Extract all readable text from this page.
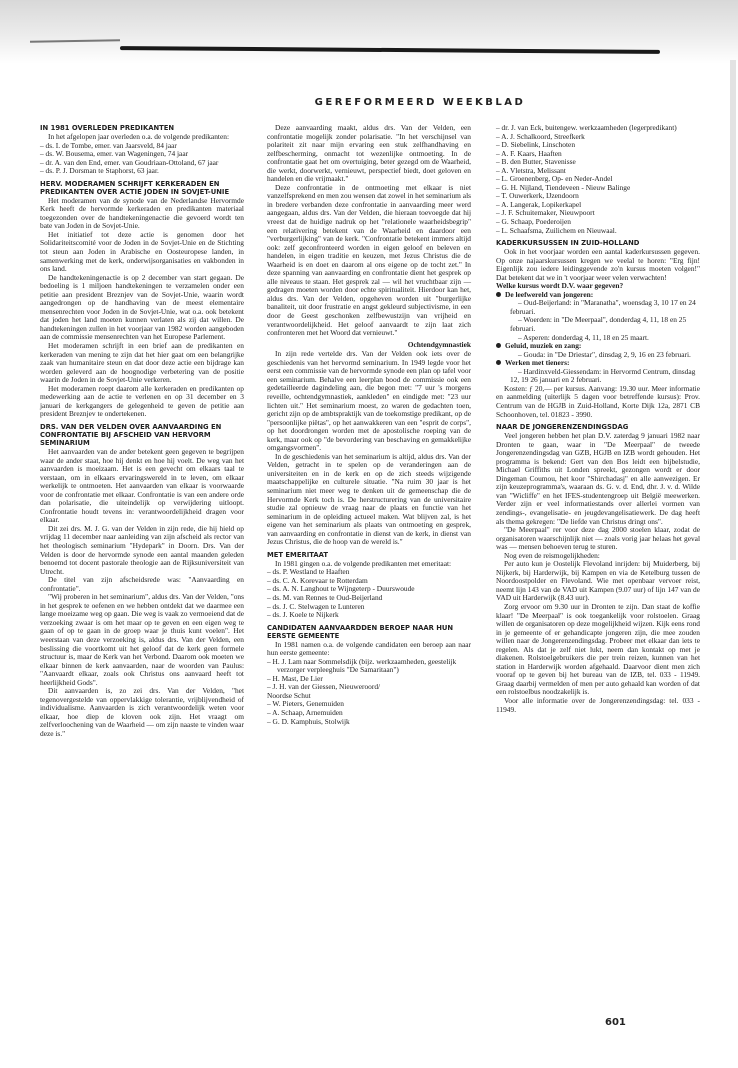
GEREFORMEERD WEEKBLAD
IN 1981 OVERLEDEN PREDIKANTEN

In het afgelopen jaar overleden o.a. de volgende predikanten:

– ds. I. de Tombe, emer. van Jaarsveld, 84 jaar
– ds. W. Bousema, emer. van Wageningen, 74 jaar
– dr. A. van den End, emer. van Goudriaan-Ottoland, 67 jaar
– ds. P. J. Dorsman te Staphorst, 63 jaar.
HERV. MODERAMEN SCHRIJFT KERKERADEN EN PREDIKANTEN OVER ACTIE JODEN IN SOVJET-UNIE

Het moderamen van de synode van de Nederlandse Hervormde Kerk heeft de hervormde kerkeraden en predikanten materiaal toegezonden over de handtekeningenactie die gevoerd wordt ten bate van Joden in de Sovjet-Unie.

Het initiatief tot deze actie is genomen door het Solidariteitscomité voor de Joden in de Sovjet-Unie en de Stichting tot steun aan Joden in Arabische en Oosteuropese landen, in samenwerking met de kerk, onderwijsorganisaties en vakbonden in ons land.

De handtekeningenactie is op 2 december van start gegaan. De bedoeling is 1 miljoen handtekeningen te verzamelen onder een petitie aan president Breznjev van de Sovjet-Unie, waarin wordt aangedrongen op de handhaving van de meest elementaire mensenrechten voor Joden in de Sovjet-Unie, wat o.a. ook betekent dat joden het land moeten kunnen verlaten als zij dat willen. De handtekeningen zullen in het voorjaar van 1982 worden aangeboden aan de commissie mensenrechten van het Europese Parlement.

Het moderamen schrijft in een brief aan de predikanten en kerkeraden van mening te zijn dat het hier gaat om een belangrijke zaak van humanitaire steun en dat door deze actie een bijdrage kan worden geleverd aan de hoognodige verbetering van de positie waarin de Joden in de Sovjet-Unie verkeren.

Het moderamen roept daarom alle kerkeraden en predikanten op medewerking aan de actie te verlenen en op 31 december en 3 januari de kerkgangers de gelegenheid te geven de petitie aan president Breznjev te ondertekenen.

DRS. VAN DER VELDEN OVER AANVAARDING EN CONFRONTATIE BIJ AFSCHEID VAN HERVORM SEMINARIUM

Het aanvaarden van de ander betekent geen gegeven te begrijpen waar de ander staat, hoe hij denkt en hoe hij voelt. De weg van het aanvaarden is moeizaam. Het is een gevecht om elkaars taal te verstaan, om in elkaars ervaringswereld in te leven, om elkaar werkelijk te ontmoeten. Het aanvaarden van elkaar is voorwaarde voor de confrontatie met elkaar. Confrontatie is van een andere orde dan polarisatie, die uiteindelijk op verwijdering uitloopt. Confrontatie houdt tevens in: verantwoordelijkheid dragen voor elkaar.

Dit zei drs. M. J. G. van der Velden in zijn rede, die hij hield op vrijdag 11 december naar aanleiding van zijn afscheid als rector van het theologisch seminarium "Hydepark" in Doorn. Drs. Van der Velden is door de hervormde synode een aantal maanden geleden benoemd tot docent pastorale theologie aan de Rijksuniversiteit van Utrecht.

De titel van zijn afscheidsrede was: "Aanvaarding en confrontatie".

"Wij proberen in het seminarium", aldus drs. Van der Velden, "ons in het gesprek te oefenen en we hebben ontdekt dat we daarmee een lange moeizame weg op gaan. Die weg is vaak zo vermoeiend dat de verzoeking zwaar is om het maar op te geven en een eigen weg te gaan of op te gaan in de groep waar je thuis kunt voelen". Het weerstaan van deze verzoeking is, aldus drs. Van der Velden, een beslissing die voortkomt uit het geloof dat de kerk geen formele structuur is, maar de Kerk van het Verbond. Daarom ook moeten we elkaar binnen de kerk aanvaarden, naar de woorden van Paulus: "Aanvaardt elkaar, zoals ook Christus ons aanvaard heeft tot heerlijkheid Gods".

Dit aanvaarden is, zo zei drs. Van der Velden, "het tegenovergestelde van oppervlakkige tolerantie, vrijblijvendheid of individualisme. Aanvaarden is zich verantwoordelijk weten voor elkaar, hoe diep de kloven ook zijn. Het vraagt om zelfverloochening van de Waarheid — om zijn naaste te vinden waar deze is."

Deze aanvaarding maakt, aldus drs. Van der Velden, een confrontatie mogelijk zonder polarisatie. "In het verschijnsel van polariteit zit naar mijn ervaring een stuk zelfhandhaving en zelfbescherming, onmacht tot wezenlijke ontmoeting. In de confrontatie gaat het om overtuiging, beter gezegd om de Waarheid, die werkt, doorwerkt, vernieuwt, perspectief biedt, doet geloven en handelen en die vrijmaakt."

Deze confrontatie in de ontmoeting met elkaar is niet vanzelfsprekend en men zou wensen dat zowel in het seminarium als in bredere verbanden deze confrontatie in aanvaarding meer werd aangegaan, aldus drs. Van der Velden, die hieraan toevoegde dat hij vreest dat de huidige nadruk op het "relationele waarheidsbegrip" een relativering betekent van de Waarheid en daardoor een "verburgerlijking" van de kerk. "Confrontatie betekent immers altijd ook: zelf geconfronteerd worden in eigen geloof en beleven en handelen, in eigen traditie en keuzen, met Jezus Christus die de Waarheid is en doet en daarom al ons eigene op de tocht zet." In deze spanning van aanvaarding en confrontatie dient het gesprek op alle niveaus te staan. Het gesprek zal — wil het vruchtbaar zijn — gedragen moeten worden door echte spiritualiteit. Hierdoor kan het, aldus drs. Van der Velden, opgeheven worden uit "burgerlijke banaliteit, uit door frustratie en angst gekleurd subjectivisme, in een door de Geest geschonken zelfbewustzijn van vrijheid en verantwoordelijkheid. Het geloof aanvaardt te zijn laat zich confronteren met het Woord dat vernieuwt."

Ochtendgymnastiek

In zijn rede vertelde drs. Van der Velden ook iets over de geschiedenis van het hervormd seminarium. In 1949 legde voor het eerst een commissie van de hervormde synode een plan op tafel voor een seminarium. Behalve een leerplan bood de commissie ook een gedetailleerde dagindeling aan, die begon met: "7 uur 's morgens reveille, ochtendgymnastiek, aankleden" en eindigde met: "23 uur lichten uit." Het seminarium moest, zo waren de gedachten toen, gericht zijn op de ambtspraktijk van de toekomstige predikant, op de "persoonlijke piëtas", op het aanwakkeren van een "esprit de corps", op het doordrongen worden met de apostolische roeping van de kerk, maar ook op "de bevordering van beschaving en gemakkelijke omgangsvormen".

In de geschiedenis van het seminarium is altijd, aldus drs. Van der Velden, getracht in te spelen op de veranderingen aan de universiteiten en in de kerk en op de zich steeds wijzigende maatschappelijke en culturele situatie. "Na ruim 30 jaar is het seminarium niet meer weg te denken uit de gemeenschap die de Hervormde Kerk toch is. De herstructurering van de universitaire studie zal opnieuw de vraag naar de plaats en functie van het seminarium in de opleiding actueel maken. Wat blijven zal, is het eigene van het seminarium als plaats van ontmoeting en gesprek, van aanvaarding en confrontatie in dienst van de kerk, in dienst van Jezus Christus, die de hoop van de wereld is."

MET EMERITAAT

In 1981 gingen o.a. de volgende predikanten met emeritaat:

– ds. P. Westland te Haaften
– ds. C. A. Korevaar te Rotterdam
– ds. A. N. Langhout te Wijngeterp - Duurswoude
– ds. M. van Rennes te Oud-Beijerland
– ds. J. C. Stelwagen te Lunteren
– ds. J. Koele te Nijkerk
CANDIDATEN AANVAARDDEN BEROEP NAAR HUN EERSTE GEMEENTE

In 1981 namen o.a. de volgende candidaten een beroep aan naar hun eerste gemeente:

– H. J. Lam naar Sommelsdijk (bijz. werkzaamheden, geestelijk verzorger verpleeghuis "De Samaritaan")
– H. Mast, De Lier
– J. H. van der Giessen, Nieuweroord/
Noordse Schut
– W. Pieters, Genemuiden
– A. Schaap, Arnemuiden
– G. D. Kamphuis, Stolwijk
– dr. J. van Eck, buitengew. werkzaamheden (legerpredikant)
– A. J. Schalkoord, Streefkerk
– D. Siebelink, Linschoten
– A. F. Kaars, Haaften
– B. den Butter, Stavenisse
– A. Vletstra, Melissant
– L. Groenenberg, Op- en Neder-Andel
– G. H. Nijland, Tiendeveen - Nieuw Balinge
– T. Ouwerkerk, IJzendoorn
– A. Langerak, Lopikerkapel
– J. F. Schuitemaker, Nieuwpoort
– G. Schaap, Poederoijen
– L. Schaafsma, Zuilichem en Nieuwaal.
KADERKURSUSSEN IN ZUID-HOLLAND

Ook in het voorjaar worden een aantal kaderkursussen gegeven. Op onze najaarskursussen kregen we veelal te horen: "Erg fijn! Eigenlijk zou iedere leidinggevende zo'n kursus moeten volgen!" Dat betekent dat we in 't voorjaar weer velen verwachten!

Welke kursus wordt D.V. waar gegeven?

De leefwereld van jongeren:

– Oud-Beijerland: in "Maranatha", woensdag 3, 10 17 en 24 februari.

– Woerden: in "De Meerpaal", donderdag 4, 11, 18 en 25 februari.

– Asperen: donderdag 4, 11, 18 en 25 maart.

Geluid, muziek en zang:

– Gouda: in "De Driestar", dinsdag 2, 9, 16 en 23 februari.

Werken met tieners:

– Hardinxveld-Giessendam: in Hervormd Centrum, dinsdag 12, 19 26 januari en 2 februari.

Kosten: ƒ 20,— per kursus. Aanvang: 19.30 uur. Meer informatie en aanmelding (uiterlijk 5 dagen voor betreffende kursus): Prov. Centrum van de HGJB in Zuid-Holland, Korte Dijk 12a, 2871 CB Schoonhoven, tel. 01823 - 3990.

NAAR DE JONGERENZENDINGSDAG

Veel jongeren hebben het plan D.V. zaterdag 9 januari 1982 naar Dronten te gaan, waar in "De Meerpaal" de tweede Jongerenzendingsdag van GZB, HGJB en IZB wordt gehouden. Het programma is bekend: Gert van den Bos leidt een bijbelstudie, Michael Griffiths uit Londen spreekt, gezongen wordt er door Dingeman Coumou, het koor "Shirchadasj" en alle aanwezigen. Er zijn keuzeprogramma's, waaraan ds. G. v. d. End, dhr. J. v. d. Wilde van "Wicliffe" en het IFES-studentengroep uit België meewerken. Verder zijn er veel informatiestands over allerlei vormen van zendings-, evangelisatie- en jeugdevangelisatiewerk. De dag heeft als thema gekregen: "De liefde van Christus dringt ons".

"De Meerpaal" rer voor deze dag 2000 stoelen klaar, zodat de organisatoren waarschijnlijk niet — zoals vorig jaar helaas het geval was — mensen behoeven terug te sturen.

Nog even de reismogelijkheden:

Per auto kun je Oostelijk Flevoland inrijden: bij Muiderberg, bij Nijkerk, bij Harderwijk, bij Kampen en via de Ketelburg tussen de Noordoostpolder en Flevoland. Wie met openbaar vervoer reist, neemt lijn 143 van de VAD uit Kampen (9.07 uur) of lijn 147 van de VAD uit Harderwijk (8.43 uur).

Zorg ervoor om 9.30 uur in Dronten te zijn. Dan staat de koffie klaar! "De Meerpaal" is ook toegankelijk voor rolstoelen. Graag willen de organisatoren op deze mogelijkheid wijzen. Kijk eens rond in je gemeente of er gehandicapte jongeren zijn, die mee zouden willen naar de Jongerenzendingsdag. Probeer met elkaar dan iets te regelen. Als dat je zelf niet lukt, neem dan kontakt op met je diakenen. Rolstoelgebruikers die per trein reizen, kunnen van het station in Harderwijk worden afgehaald. Daarvoor dient men zich vooraf op te geven bij het bureau van de IZB, tel. 033 - 11949. Graag daarbij vermelden of men per auto gehaald kan worden of dat een rolstoelbus noodzakelijk is.

Voor alle informatie over de Jongerenzendingsdag: tel. 033 - 11949.

601
